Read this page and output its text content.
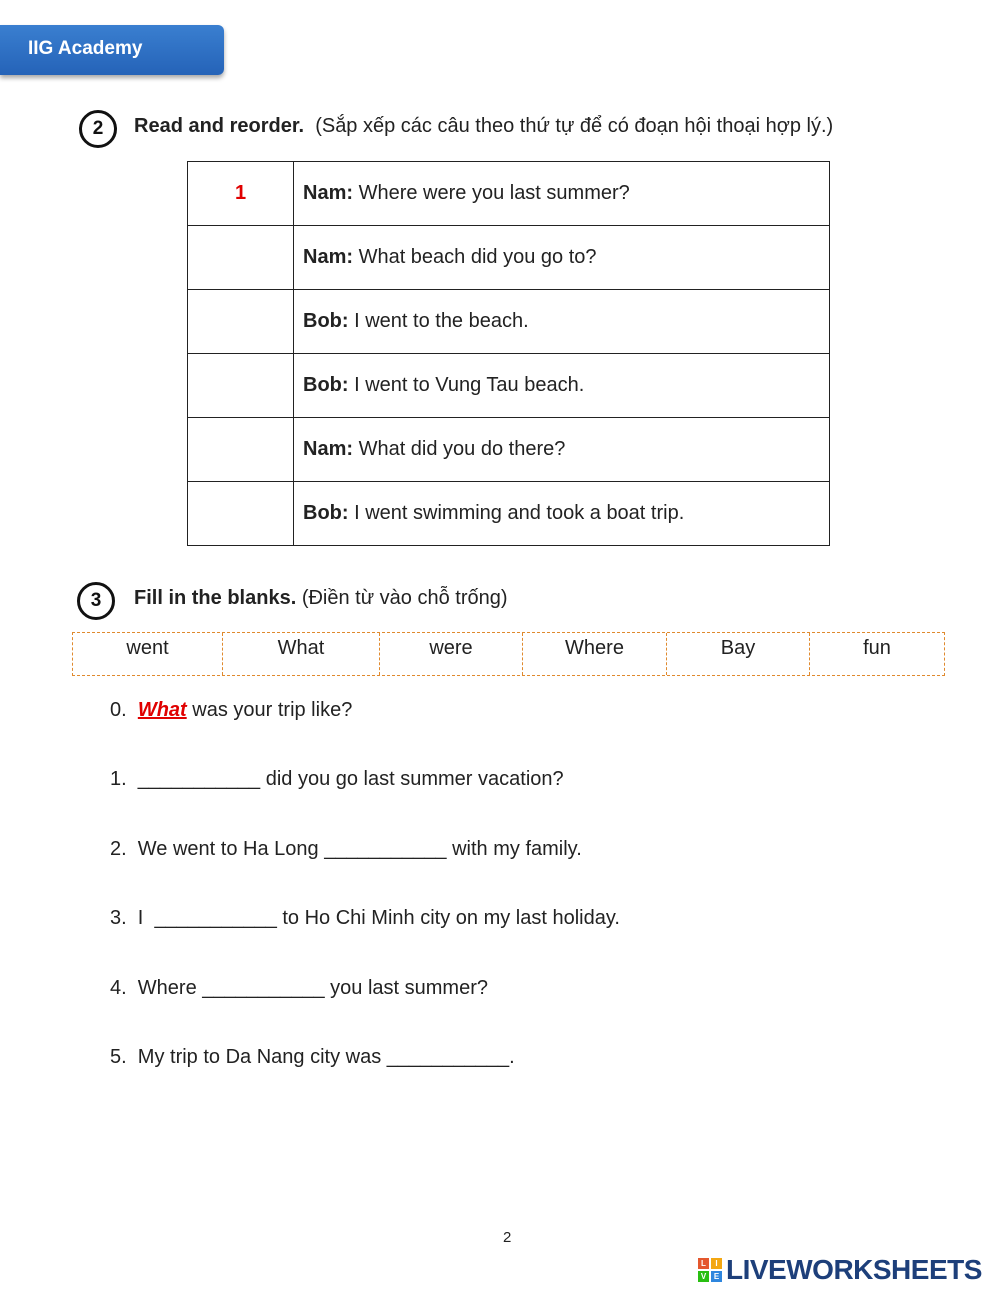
IIG Academy
2	Read and reorder. (Sắp xếp các câu theo thứ tự để có đoạn hội thoại hợp lý.)
1	Nam: Where were you last summer?
	Nam: What beach did you go to?
	Bob: I went to the beach.
	Bob: I went to Vung Tau beach.
	Nam: What did you do there?
	Bob: I went swimming and took a boat trip.
3	Fill in the blanks. (Điền từ vào chỗ trống)
went	What	were	Where	Bay	fun
0. What was your trip like?
1.  ___________ did you go last summer vacation?
2.  We went to Ha Long ___________ with my family.
3.  I  ___________ to Ho Chi Minh city on my last holiday.
4.  Where ___________ you last summer?
5.  My trip to Da Nang city was ___________.
2
L	I
V E LIVEWORKSHEETS
